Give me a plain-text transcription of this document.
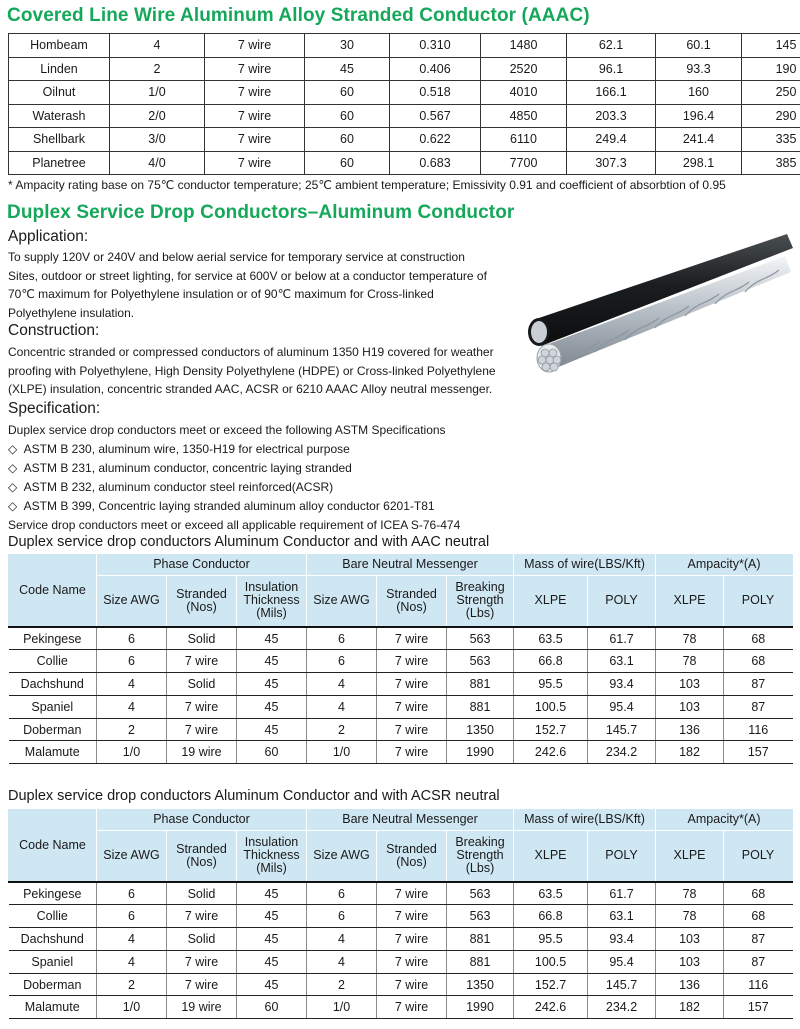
Covered Line Wire Aluminum Alloy Stranded Conductor (AAAC)
Hombeam	4	7 wire	30	0.310	1480	62.1	60.1	145
Linden	2	7 wire	45	0.406	2520	96.1	93.3	190
Oilnut	1/0	7 wire	60	0.518	4010	166.1	160	250
Waterash	2/0	7 wire	60	0.567	4850	203.3	196.4	290
Shellbark	3/0	7 wire	60	0.622	6110	249.4	241.4	335
Planetree	4/0	7 wire	60	0.683	7700	307.3	298.1	385
* Ampacity rating base on 75℃ conductor temperature; 25℃ ambient temperature; Emissivity 0.91 and coefficient of absorbtion of 0.95
Duplex Service Drop Conductors–Aluminum Conductor
Application:
To supply 120V or 240V and below aerial service for temporary service at construction Sites, outdoor or street lighting, for service at 600V or below at a conductor temperature of 70℃ maximum for Polyethylene insulation or of 90℃ maximum for Cross-linked Polyethylene insulation.
Construction:
Concentric stranded or compressed conductors of aluminum 1350 H19 covered for weather proofing with Polyethylene, High Density Polyethylene (HDPE) or Cross-linked Polyethylene (XLPE) insulation, concentric stranded AAC, ACSR or 6210 AAAC Alloy neutral messenger.
Specification:
Duplex service drop conductors meet or exceed the following ASTM Specifications
◇ ASTM B 230, aluminum wire, 1350-H19 for electrical purpose
◇ ASTM B 231, aluminum conductor, concentric laying stranded
◇ ASTM B 232, aluminum conductor steel reinforced(ACSR)
◇ ASTM B 399, Concentric laying stranded aluminum alloy conductor 6201-T81
Service drop conductors meet or exceed all applicable requirement of ICEA S-76-474
Duplex service drop conductors Aluminum Conductor and with AAC neutral
Code Name	Phase Conductor			Bare Neutral Messenger			Mass of wire(LBS/Kft)		Ampacity*(A)	
	Size AWG	Stranded (Nos)	Insulation Thickness (Mils)	Size AWG	Stranded (Nos)	Breaking Strength (Lbs)	XLPE	POLY	XLPE	POLY
Pekingese	6	Solid	45	6	7 wire	563	63.5	61.7	78	68
Collie	6	7 wire	45	6	7 wire	563	66.8	63.1	78	68
Dachshund	4	Solid	45	4	7 wire	881	95.5	93.4	103	87
Spaniel	4	7 wire	45	4	7 wire	881	100.5	95.4	103	87
Doberman	2	7 wire	45	2	7 wire	1350	152.7	145.7	136	116
Malamute	1/0	19 wire	60	1/0	7 wire	1990	242.6	234.2	182	157
Duplex service drop conductors Aluminum Conductor and with ACSR neutral
Code Name	Phase Conductor			Bare Neutral Messenger			Mass of wire(LBS/Kft)		Ampacity*(A)	
	Size AWG	Stranded (Nos)	Insulation Thickness (Mils)	Size AWG	Stranded (Nos)	Breaking Strength (Lbs)	XLPE	POLY	XLPE	POLY
Pekingese	6	Solid	45	6	7 wire	563	63.5	61.7	78	68
Collie	6	7 wire	45	6	7 wire	563	66.8	63.1	78	68
Dachshund	4	Solid	45	4	7 wire	881	95.5	93.4	103	87
Spaniel	4	7 wire	45	4	7 wire	881	100.5	95.4	103	87
Doberman	2	7 wire	45	2	7 wire	1350	152.7	145.7	136	116
Malamute	1/0	19 wire	60	1/0	7 wire	1990	242.6	234.2	182	157
